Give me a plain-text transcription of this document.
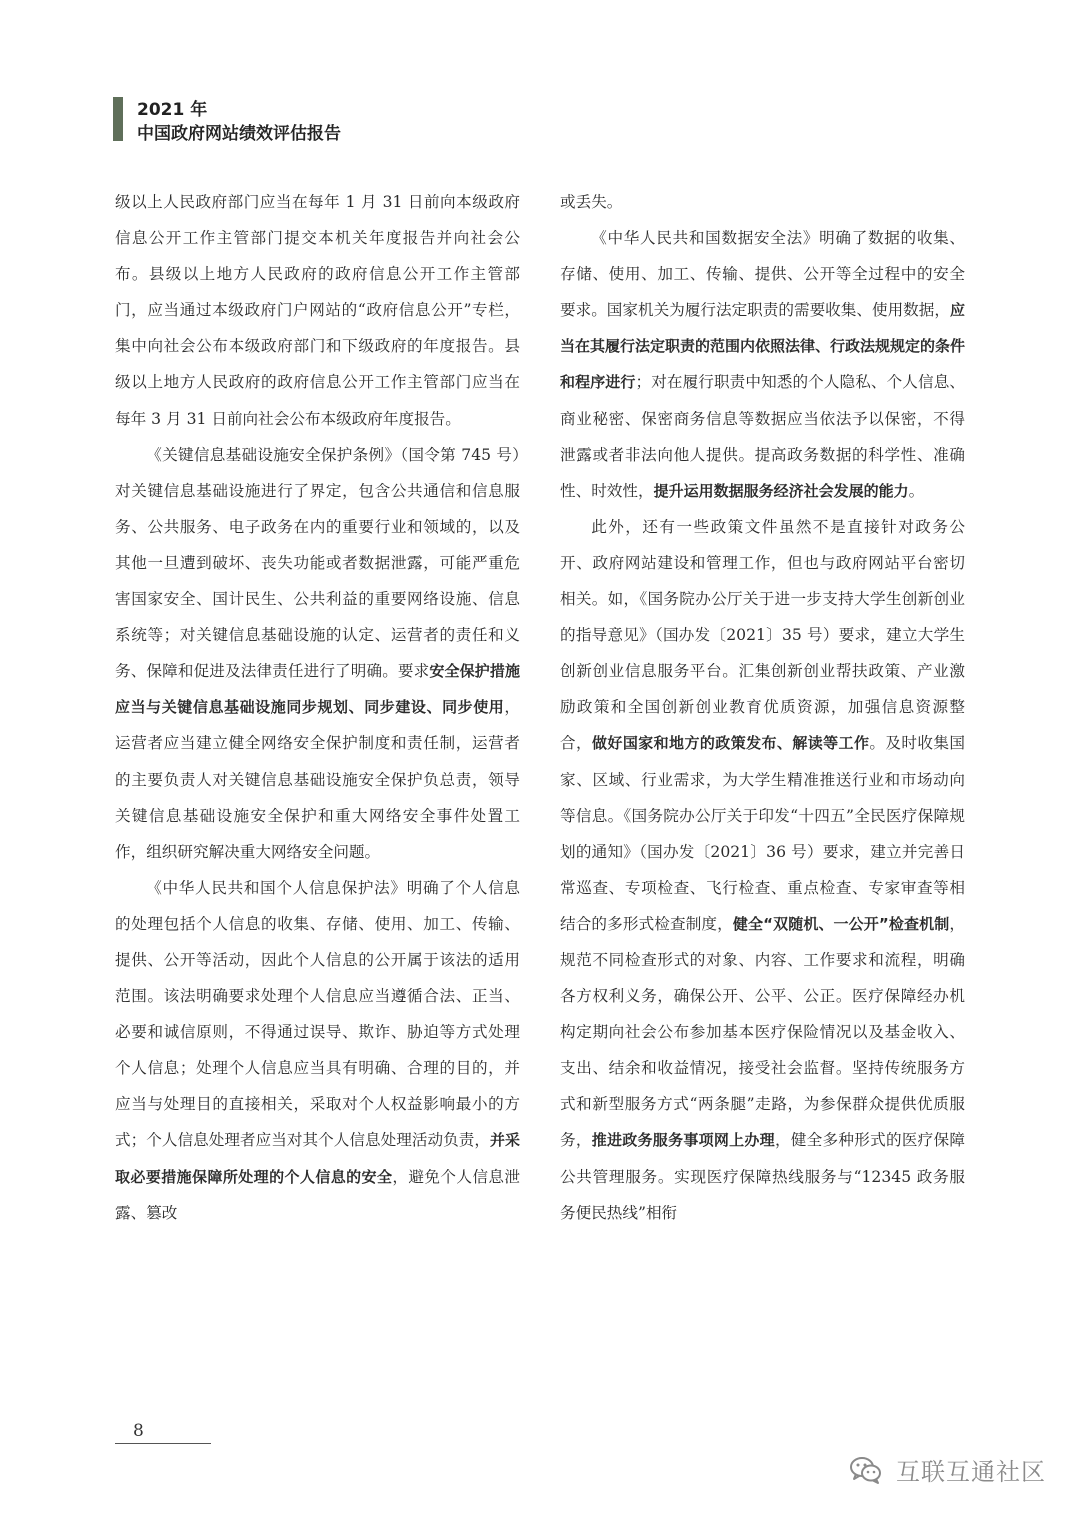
2021 年
中国政府网站绩效评估报告

级以上人民政府部门应当在每年 1 月 31 日前向本级政府信息公开工作主管部门提交本机关年度报告并向社会公布。县级以上地方人民政府的政府信息公开工作主管部门，应当通过本级政府门户网站的“政府信息公开”专栏，集中向社会公布本级政府部门和下级政府的年度报告。县级以上地方人民政府的政府信息公开工作主管部门应当在每年 3 月 31 日前向社会公布本级政府年度报告。

《关键信息基础设施安全保护条例》（国令第 745 号）对关键信息基础设施进行了界定，包含公共通信和信息服务、公共服务、电子政务在内的重要行业和领域的，以及其他一旦遭到破坏、丧失功能或者数据泄露，可能严重危害国家安全、国计民生、公共利益的重要网络设施、信息系统等；对关键信息基础设施的认定、运营者的责任和义务、保障和促进及法律责任进行了明确。要求安全保护措施应当与关键信息基础设施同步规划、同步建设、同步使用，运营者应当建立健全网络安全保护制度和责任制，运营者的主要负责人对关键信息基础设施安全保护负总责，领导关键信息基础设施安全保护和重大网络安全事件处置工作，组织研究解决重大网络安全问题。

《中华人民共和国个人信息保护法》明确了个人信息的处理包括个人信息的收集、存储、使用、加工、传输、提供、公开等活动，因此个人信息的公开属于该法的适用范围。该法明确要求处理个人信息应当遵循合法、正当、必要和诚信原则，不得通过误导、欺诈、胁迫等方式处理个人信息；处理个人信息应当具有明确、合理的目的，并应当与处理目的直接相关，采取对个人权益影响最小的方式；个人信息处理者应当对其个人信息处理活动负责，并采取必要措施保障所处理的个人信息的安全，避免个人信息泄露、篡改

或丢失。

《中华人民共和国数据安全法》明确了数据的收集、存储、使用、加工、传输、提供、公开等全过程中的安全要求。国家机关为履行法定职责的需要收集、使用数据，应当在其履行法定职责的范围内依照法律、行政法规规定的条件和程序进行；对在履行职责中知悉的个人隐私、个人信息、商业秘密、保密商务信息等数据应当依法予以保密，不得泄露或者非法向他人提供。提高政务数据的科学性、准确性、时效性，提升运用数据服务经济社会发展的能力。

此外，还有一些政策文件虽然不是直接针对政务公开、政府网站建设和管理工作，但也与政府网站平台密切相关。如，《国务院办公厅关于进一步支持大学生创新创业的指导意见》（国办发〔2021〕35 号）要求，建立大学生创新创业信息服务平台。汇集创新创业帮扶政策、产业激励政策和全国创新创业教育优质资源，加强信息资源整合，做好国家和地方的政策发布、解读等工作。及时收集国家、区域、行业需求，为大学生精准推送行业和市场动向等信息。《国务院办公厅关于印发“十四五”全民医疗保障规划的通知》（国办发〔2021〕36 号）要求，建立并完善日常巡查、专项检查、飞行检查、重点检查、专家审查等相结合的多形式检查制度，健全“双随机、一公开”检查机制，规范不同检查形式的对象、内容、工作要求和流程，明确各方权利义务，确保公开、公平、公正。医疗保障经办机构定期向社会公布参加基本医疗保险情况以及基金收入、支出、结余和收益情况，接受社会监督。坚持传统服务方式和新型服务方式“两条腿”走路，为参保群众提供优质服务，推进政务服务事项网上办理，健全多种形式的医疗保障公共管理服务。实现医疗保障热线服务与“12345 政务服务便民热线”相衔

8
互联互通社区
